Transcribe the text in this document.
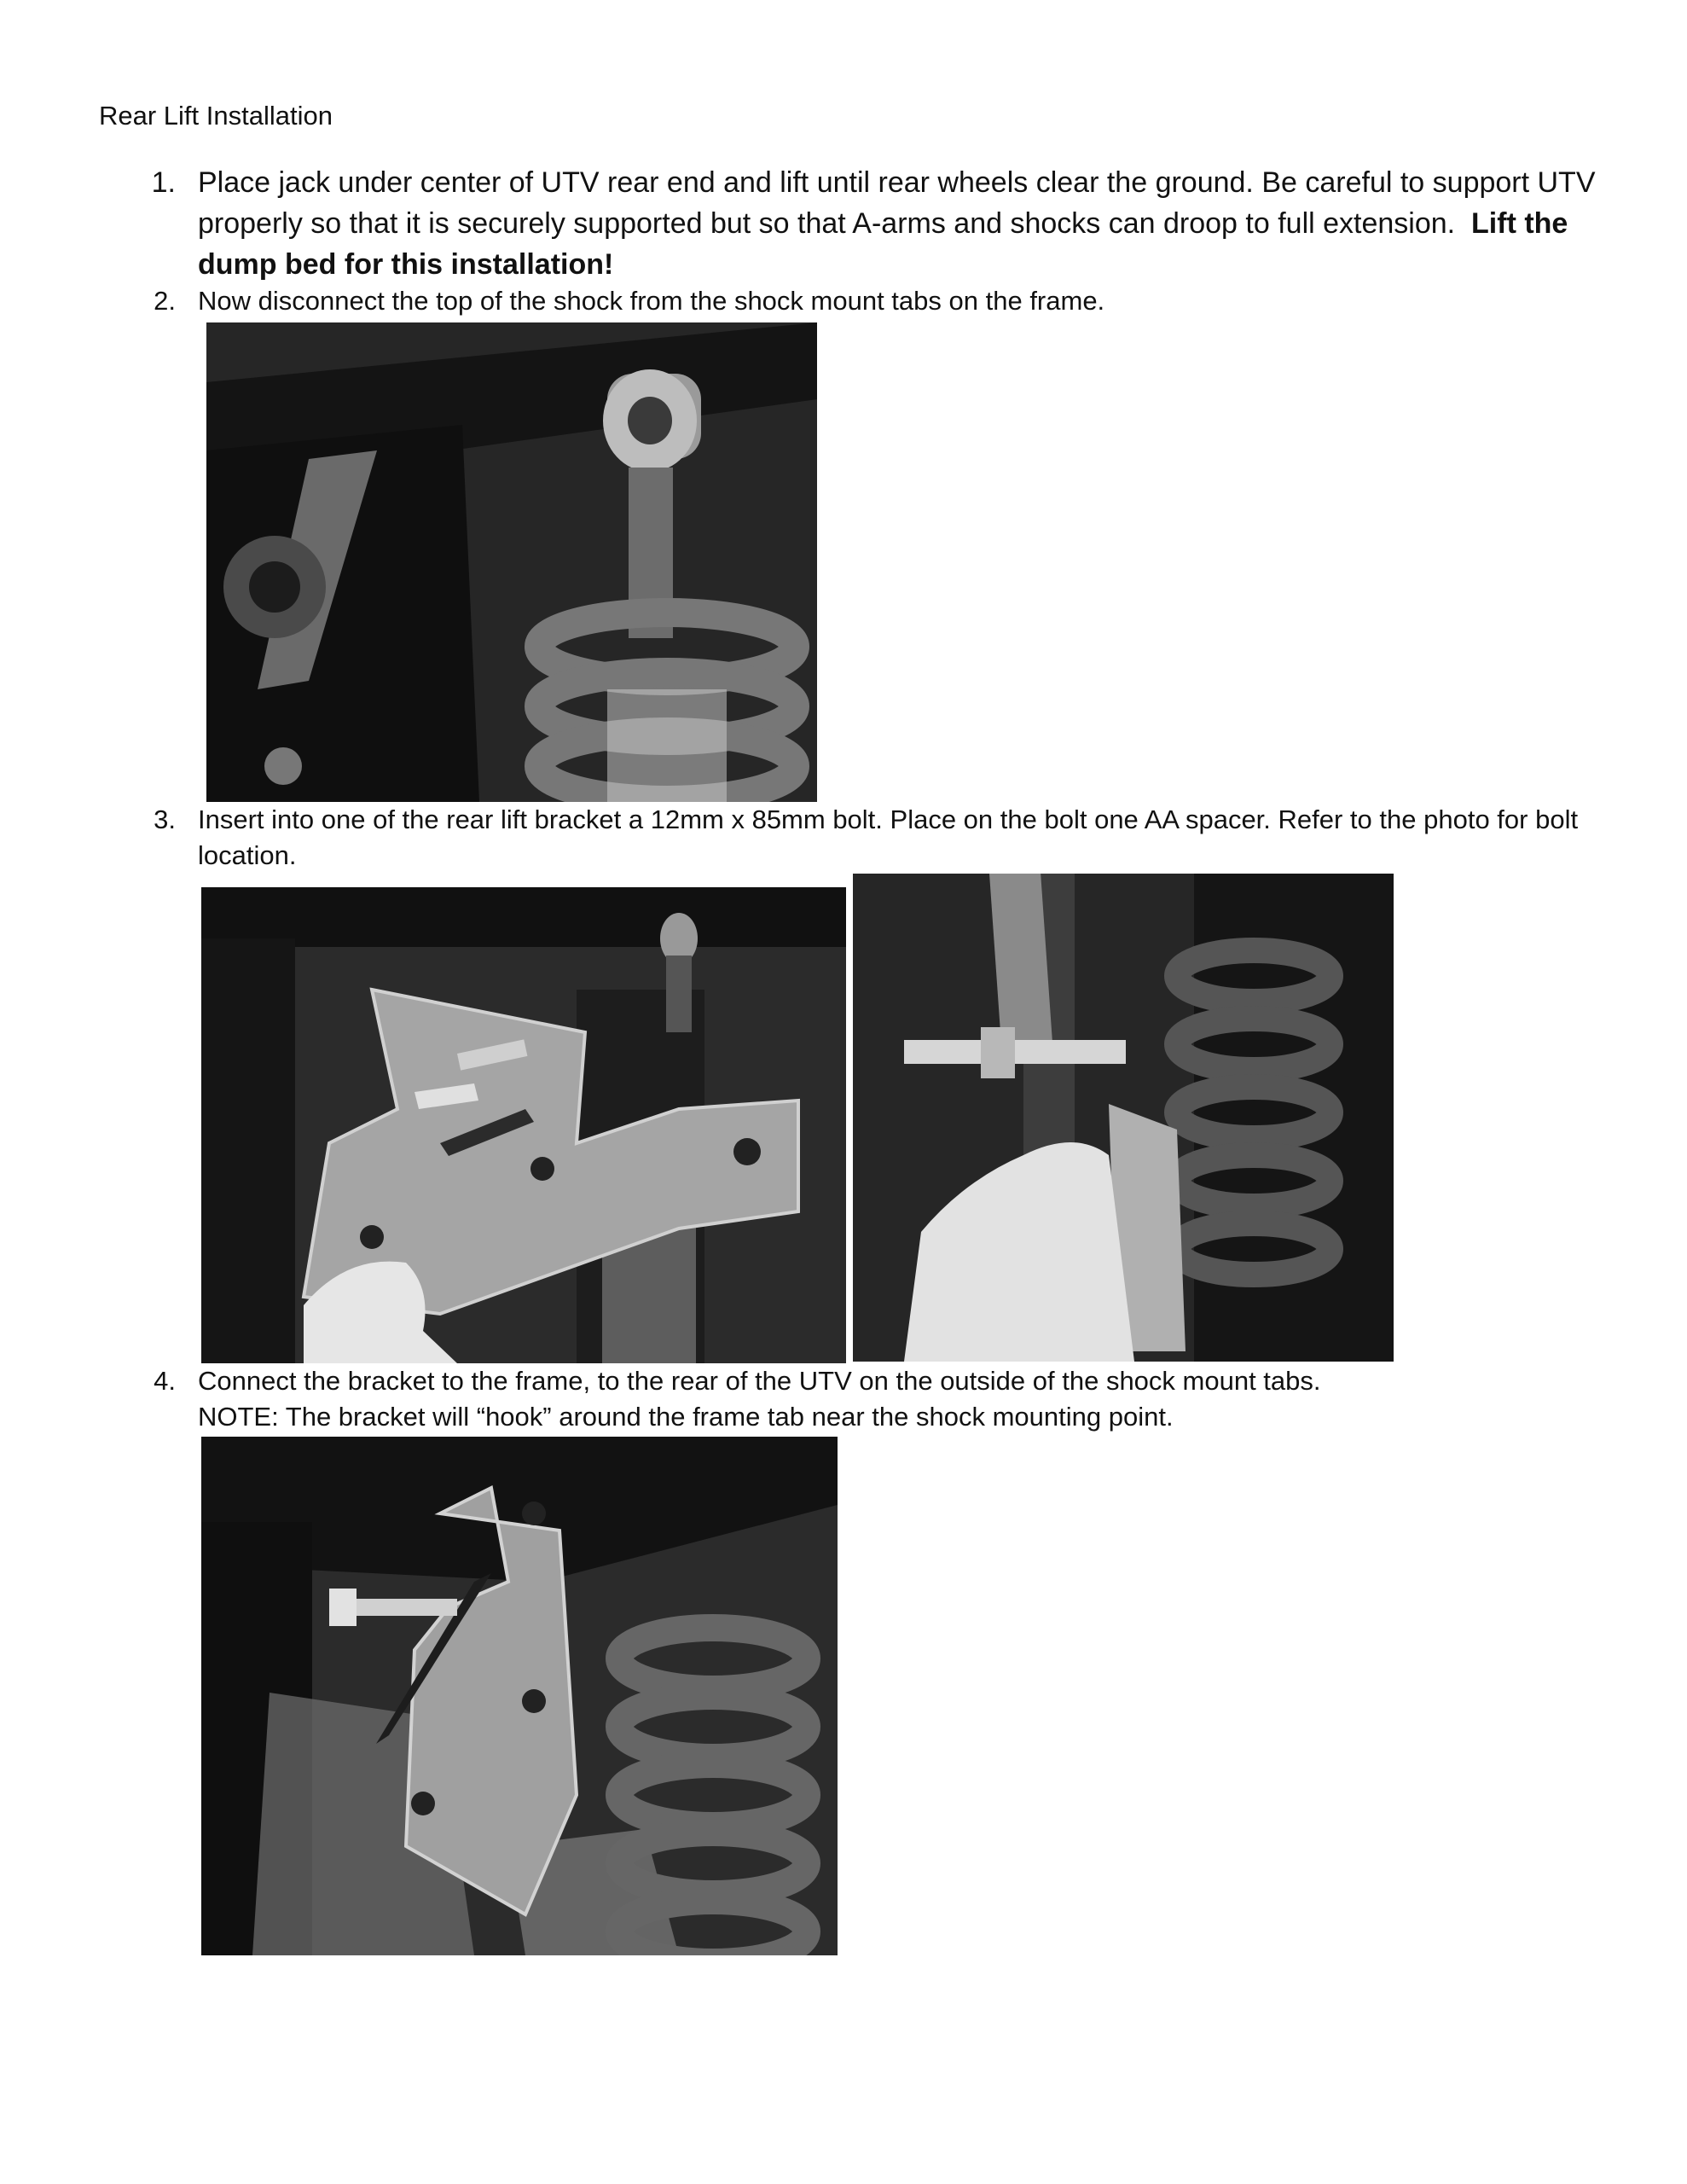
Rear Lift Installation
1. Place jack under center of UTV rear end and lift until rear wheels clear the ground. Be careful to support UTV properly so that it is securely supported but so that A-arms and shocks can droop to full extension. Lift the dump bed for this installation!
2. Now disconnect the top of the shock from the shock mount tabs on the frame.
3. Insert into one of the rear lift bracket a 12mm x 85mm bolt. Place on the bolt one AA spacer. Refer to the photo for bolt location.
4. Connect the bracket to the frame, to the rear of the UTV on the outside of the shock mount tabs.
NOTE: The bracket will “hook” around the frame tab near the shock mounting point.
